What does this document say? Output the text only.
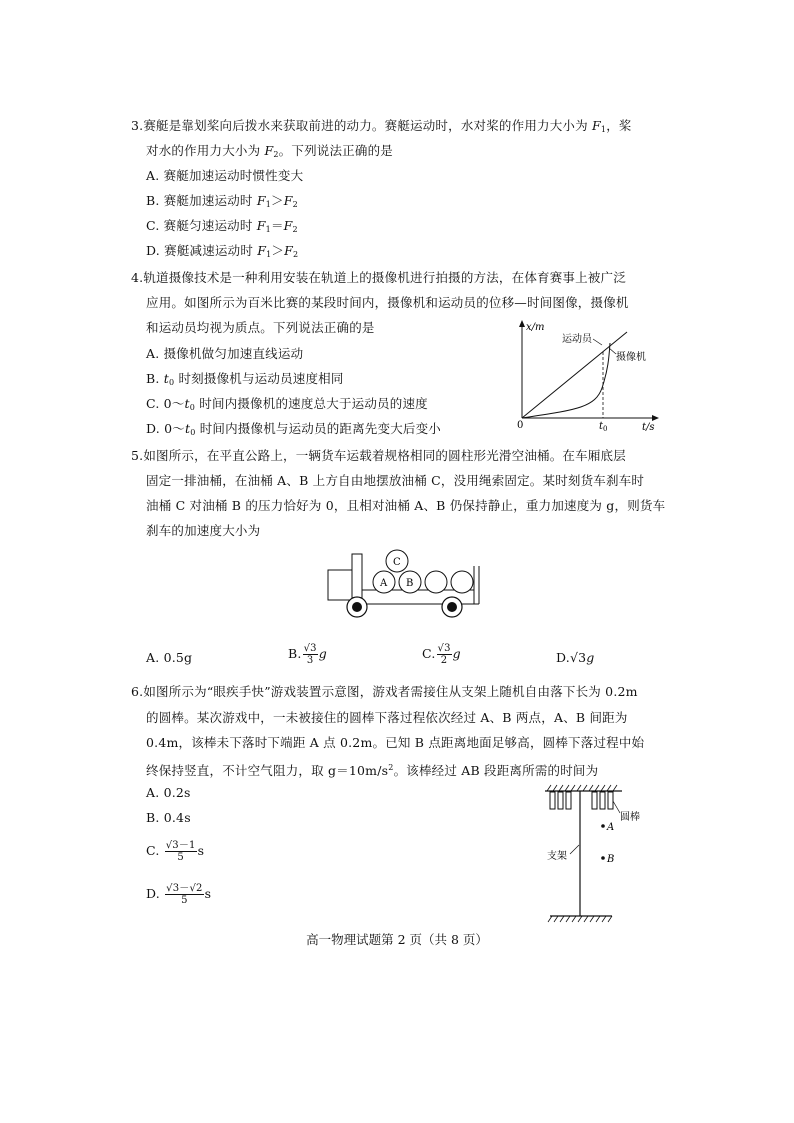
3.赛艇是靠划桨向后拨水来获取前进的动力。赛艇运动时，水对桨的作用力大小为 $F_1$，桨
对水的作用力大小为 $F_2$。下列说法正确的是
A. 赛艇加速运动时惯性变大
B. 赛艇加速运动时 $F_1>F_2$
C. 赛艇匀速运动时 $F_1=F_2$
D. 赛艇减速运动时 $F_1>F_2$
4.轨道摄像技术是一种利用安装在轨道上的摄像机进行拍摄的方法，在体育赛事上被广泛
应用。如图所示为百米比赛的某段时间内，摄像机和运动员的位移—时间图像，摄像机
和运动员均视为质点。下列说法正确的是
A. 摄像机做匀加速直线运动
B. $t_0$ 时刻摄像机与运动员速度相同
C. $0\sim t_0$ 时间内摄像机的速度总大于运动员的速度
D. $0\sim t_0$ 时间内摄像机与运动员的距离先变大后变小
x/m
t/s
0	$t_0$
运动员
摄像机
5.如图所示，在平直公路上，一辆货车运载着规格相同的圆柱形光滑空油桶。在车厢底层
固定一排油桶，在油桶 A、B 上方自由地摆放油桶 C，没用绳索固定。某时刻货车刹车时
油桶 C 对油桶 B 的压力恰好为 0，且相对油桶 A、B 仍保持静止，重力加速度为 g，则货车
刹车的加速度大小为
A B
C
A. 0.5g	B. $\frac{√3}{3}$ g	C. $\frac{√3}{2}$ g	D.√3g
6.如图所示为“眼疾手快”游戏装置示意图，游戏者需接住从支架上随机自由落下长为 0.2m
的圆棒。某次游戏中，一未被接住的圆棒下落过程依次经过 A、B 两点，A、B 间距为
0.4m，该棒未下落时下端距 A 点 0.2m。已知 B 点距离地面足够高，圆棒下落过程中始
终保持竖直，不计空气阻力，取 $g=10m/s^2$。该棒经过 AB 段距离所需的时间为
A. 0.2s
B. 0.4s
C. $\frac{√3-1}{5}$ s
D. $\frac{√3-√2}{5}$ s
圆棒
A
B
支架
高一物理试题第 2 页（共 8 页）
